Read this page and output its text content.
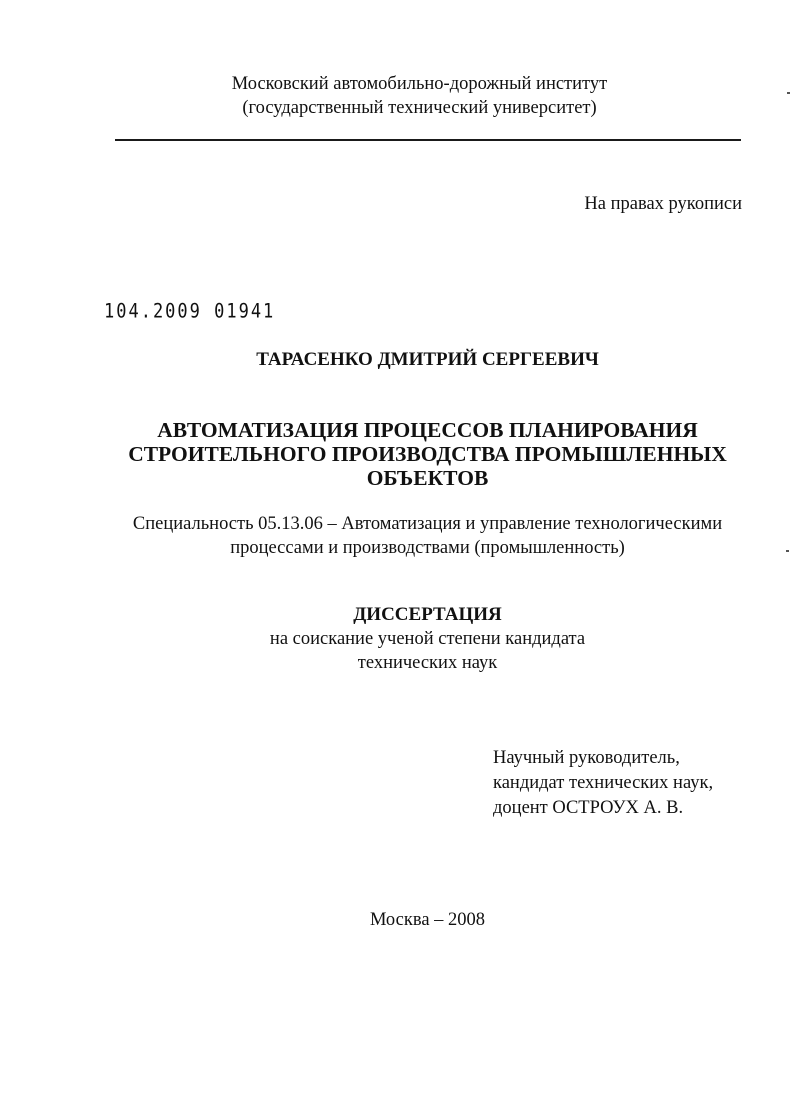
Московский автомобильно-дорожный институт
(государственный технический университет)
На правах рукописи
104.2009 01941
ТАРАСЕНКО ДМИТРИЙ СЕРГЕЕВИЧ
АВТОМАТИЗАЦИЯ ПРОЦЕССОВ ПЛАНИРОВАНИЯ
СТРОИТЕЛЬНОГО ПРОИЗВОДСТВА ПРОМЫШЛЕННЫХ
ОБЪЕКТОВ
Специальность 05.13.06 – Автоматизация и управление технологическими
процессами и производствами (промышленность)
ДИССЕРТАЦИЯ
на соискание ученой степени кандидата
технических наук
Научный руководитель,
кандидат технических наук,
доцент ОСТРОУХ А. В.
Москва – 2008
